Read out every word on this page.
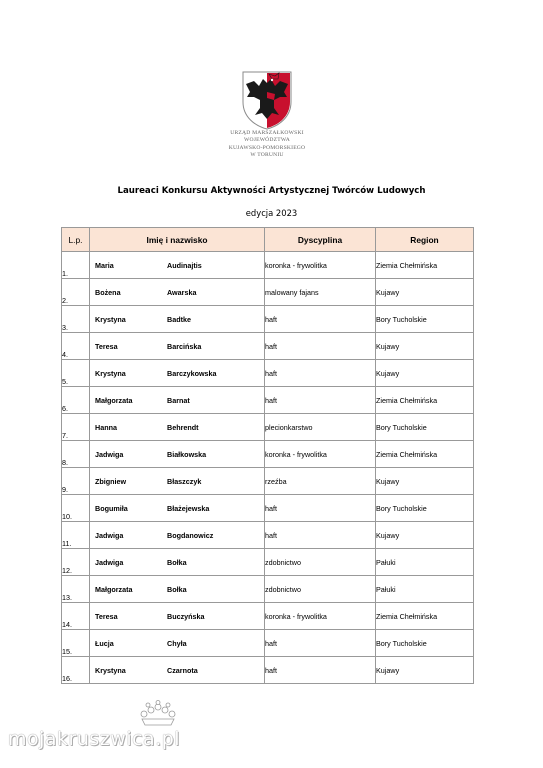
URZĄD MARSZAŁKOWSKI
WOJEWÓDZTWA
KUJAWSKO-POMORSKIEGO
W TORUNIU
Laureaci Konkursu Aktywności Artystycznej Twórców Ludowych
edycja 2023
L.p.	Imię i nazwisko	Dyscyplina	Region
1.	Maria Audinajtis	koronka - frywolitka	Ziemia Chełmińska
2.	Bożena Awarska	malowany fajans	Kujawy
3.	Krystyna Badtke	haft	Bory Tucholskie
4.	Teresa Barcińska	haft	Kujawy
5.	Krystyna Barczykowska	haft	Kujawy
6.	Małgorzata Barnat	haft	Ziemia Chełmińska
7.	Hanna Behrendt	plecionkarstwo	Bory Tucholskie
8.	Jadwiga Białkowska	koronka - frywolitka	Ziemia Chełmińska
9.	Zbigniew Błaszczyk	rzeźba	Kujawy
10.	Bogumiła Błażejewska	haft	Bory Tucholskie
11.	Jadwiga Bogdanowicz	haft	Kujawy
12.	Jadwiga Bołka	zdobnictwo	Pałuki
13.	Małgorzata Bołka	zdobnictwo	Pałuki
14.	Teresa Buczyńska	koronka - frywolitka	Ziemia Chełmińska
15.	Łucja Chyła	haft	Bory Tucholskie
16.	Krystyna Czarnota	haft	Kujawy
mojakruszwica.pl
